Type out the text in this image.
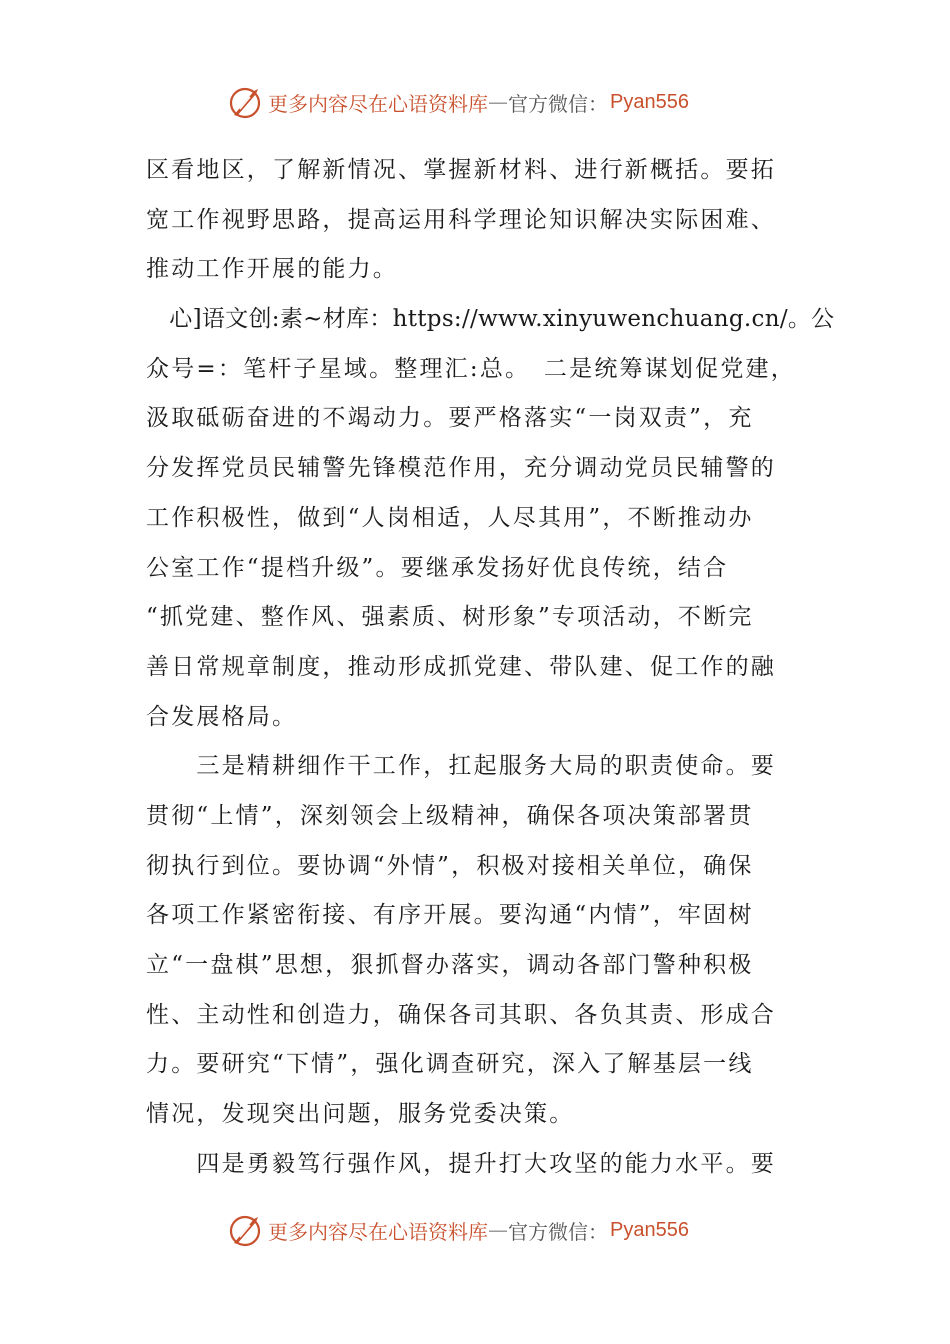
更多内容尽在心语资料库 — 官方微信： Pyan556
区看地区，了解新情况、掌握新材料、进行新概括。要拓
宽工作视野思路，提高运用科学理论知识解决实际困难、
推动工作开展的能力。
　心]语文创:素~材库：https://www.xinyuwenchuang.cn/。公
众号=：笔杆子星域。整理汇:总。　二是统筹谋划促党建，
汲取砥砺奋进的不竭动力。要严格落实“一岗双责”，充
分发挥党员民辅警先锋模范作用，充分调动党员民辅警的
工作积极性，做到“人岗相适，人尽其用”，不断推动办
公室工作“提档升级”。要继承发扬好优良传统，结合
“抓党建、整作风、强素质、树形象”专项活动，不断完
善日常规章制度，推动形成抓党建、带队建、促工作的融
合发展格局。
　　三是精耕细作干工作，扛起服务大局的职责使命。要
贯彻“上情”，深刻领会上级精神，确保各项决策部署贯
彻执行到位。要协调“外情”，积极对接相关单位，确保
各项工作紧密衔接、有序开展。要沟通“内情”，牢固树
立“一盘棋”思想，狠抓督办落实，调动各部门警种积极
性、主动性和创造力，确保各司其职、各负其责、形成合
力。要研究“下情”，强化调查研究，深入了解基层一线
情况，发现突出问题，服务党委决策。
　　四是勇毅笃行强作风，提升打大攻坚的能力水平。要
更多内容尽在心语资料库 — 官方微信： Pyan556
